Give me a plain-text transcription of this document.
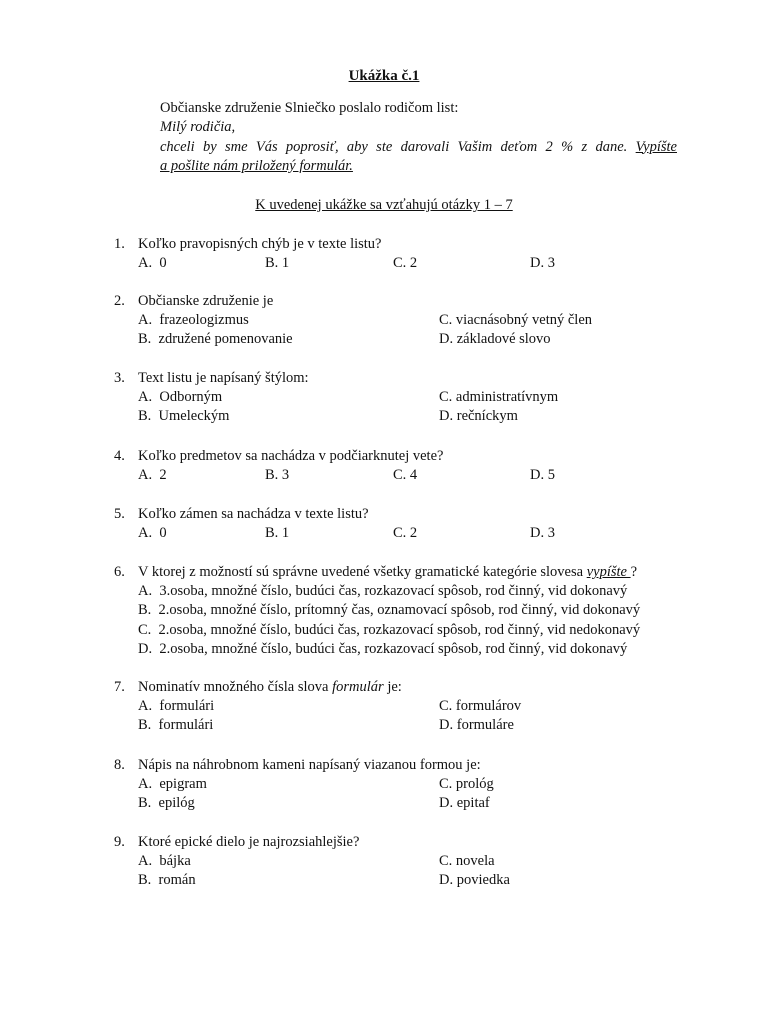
Ukážka č.1
Občianske združenie Slniečko poslalo rodičom list:
Milý rodičia,
chceli by sme Vás poprosiť, aby ste darovali Vašim deťom 2 % z dane. Vypíšte
a pošlite nám priložený formulár.
K uvedenej ukážke sa vzťahujú otázky 1 – 7
1. Koľko pravopisných chýb je v texte listu?
A. 0	B. 1	C. 2	D. 3
2. Občianske združenie je
A. frazeologizmus
B. združené pomenovanie
C. viacnásobný vetný člen
D. základové slovo
3. Text listu je napísaný štýlom:
A. Odborným
B. Umeleckým
C. administratívnym
D. rečníckym
4. Koľko predmetov sa nachádza v podčiarknutej vete?
A. 2	B. 3	C. 4	D. 5
5. Koľko zámen sa nachádza v texte listu?
A. 0	B. 1	C. 2	D. 3
6. V ktorej z možností sú správne uvedené všetky gramatické kategórie slovesa vypíšte ?
A. 3.osoba, množné číslo, budúci čas, rozkazovací spôsob, rod činný, vid dokonavý
B. 2.osoba, množné číslo, prítomný čas, oznamovací spôsob, rod činný, vid dokonavý
C. 2.osoba, množné číslo, budúci čas, rozkazovací spôsob, rod činný, vid nedokonavý
D. 2.osoba, množné číslo, budúci čas, rozkazovací spôsob, rod činný, vid dokonavý
7. Nominatív množného čísla slova formulár je:
A. formulári
B. formulári
C. formulárov
D. formuláre
8. Nápis na náhrobnom kameni napísaný viazanou formou je:
A. epigram
B. epilóg
C. prológ
D. epitaf
9. Ktoré epické dielo je najrozsiahlejšie?
A. bájka
B. román
C. novela
D. poviedka
